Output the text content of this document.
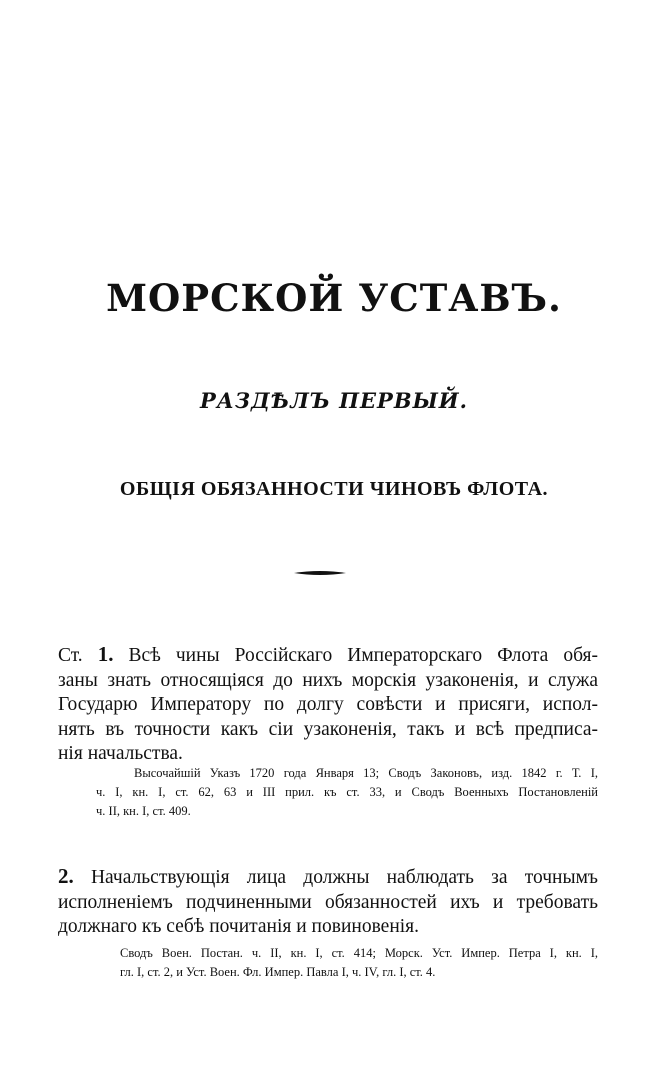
МОРСКОЙ УСТАВЪ.
РАЗДѢЛЪ ПЕРВЫЙ.
ОБЩІЯ ОБЯЗАННОСТИ ЧИНОВЪ ФЛОТА.
Ст. 1. Всѣ чины Россійскаго Императорскаго Флота обя-
заны знать относящіяся до нихъ морскія узаконенія, и служа
Государю Императору по долгу совѣсти и присяги, испол-
нять въ точности какъ сіи узаконенія, такъ и всѣ предписа-
нія начальства.
Высочайшій Указъ 1720 года Января 13; Сводъ Законовъ, изд. 1842 г. Т. I,
ч. I, кн. I, ст. 62, 63 и III прил. къ ст. 33, и Сводъ Военныхъ Постановленій
ч. II, кн. I, ст. 409.
2. Начальствующія лица должны наблюдать за точнымъ
исполненіемъ подчиненными обязанностей ихъ и требовать
должнаго къ себѣ почитанія и повиновенія.
Сводъ Воен. Постан. ч. II, кн. I, ст. 414; Морск. Уст. Импер. Петра I, кн. I,
гл. I, ст. 2, и Уст. Воен. Фл. Импер. Павла I, ч. IV, гл. I, ст. 4.
